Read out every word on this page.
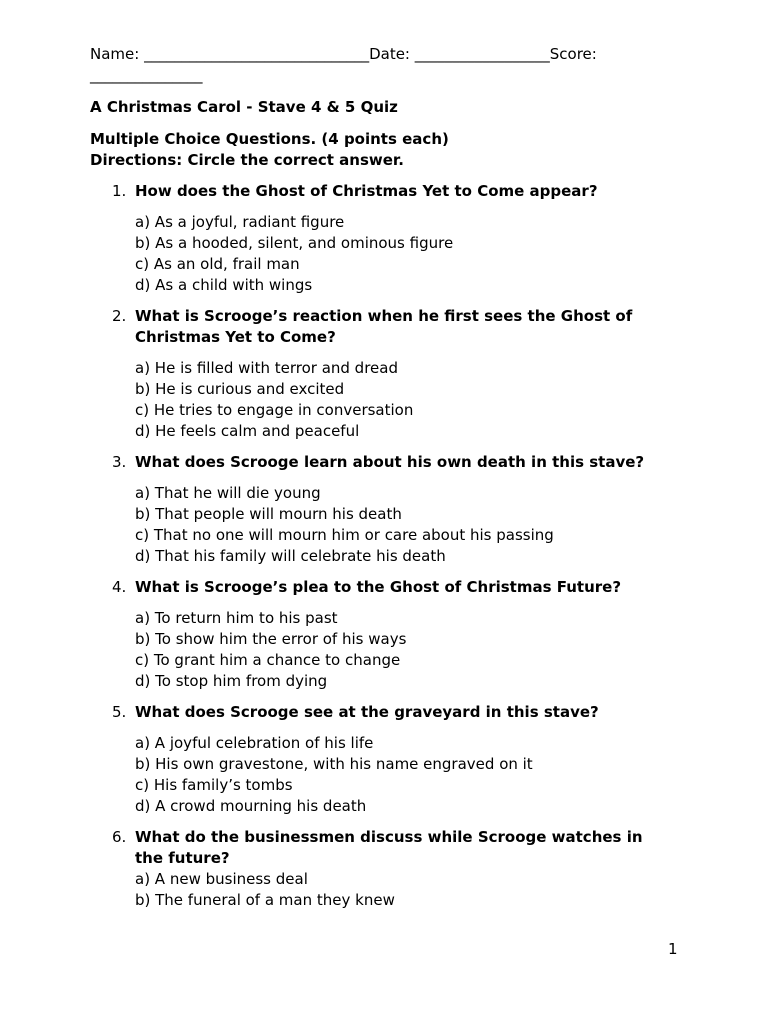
Name: ______________________________Date: __________________Score: _______________

A Christmas Carol - Stave 4 & 5 Quiz
Multiple Choice Questions. (4 points each)
Directions: Circle the correct answer.
1. How does the Ghost of Christmas Yet to Come appear?
a) As a joyful, radiant figure
b) As a hooded, silent, and ominous figure
c) As an old, frail man
d) As a child with wings
2. What is Scrooge’s reaction when he first sees the Ghost of Christmas Yet to Come?
a) He is filled with terror and dread
b) He is curious and excited
c) He tries to engage in conversation
d) He feels calm and peaceful
3. What does Scrooge learn about his own death in this stave?
a) That he will die young
b) That people will mourn his death
c) That no one will mourn him or care about his passing
d) That his family will celebrate his death
4. What is Scrooge’s plea to the Ghost of Christmas Future?
a) To return him to his past
b) To show him the error of his ways
c) To grant him a chance to change
d) To stop him from dying
5. What does Scrooge see at the graveyard in this stave?
a) A joyful celebration of his life
b) His own gravestone, with his name engraved on it
c) His family’s tombs
d) A crowd mourning his death
6. What do the businessmen discuss while Scrooge watches in the future?
a) A new business deal
b) The funeral of a man they knew
1
